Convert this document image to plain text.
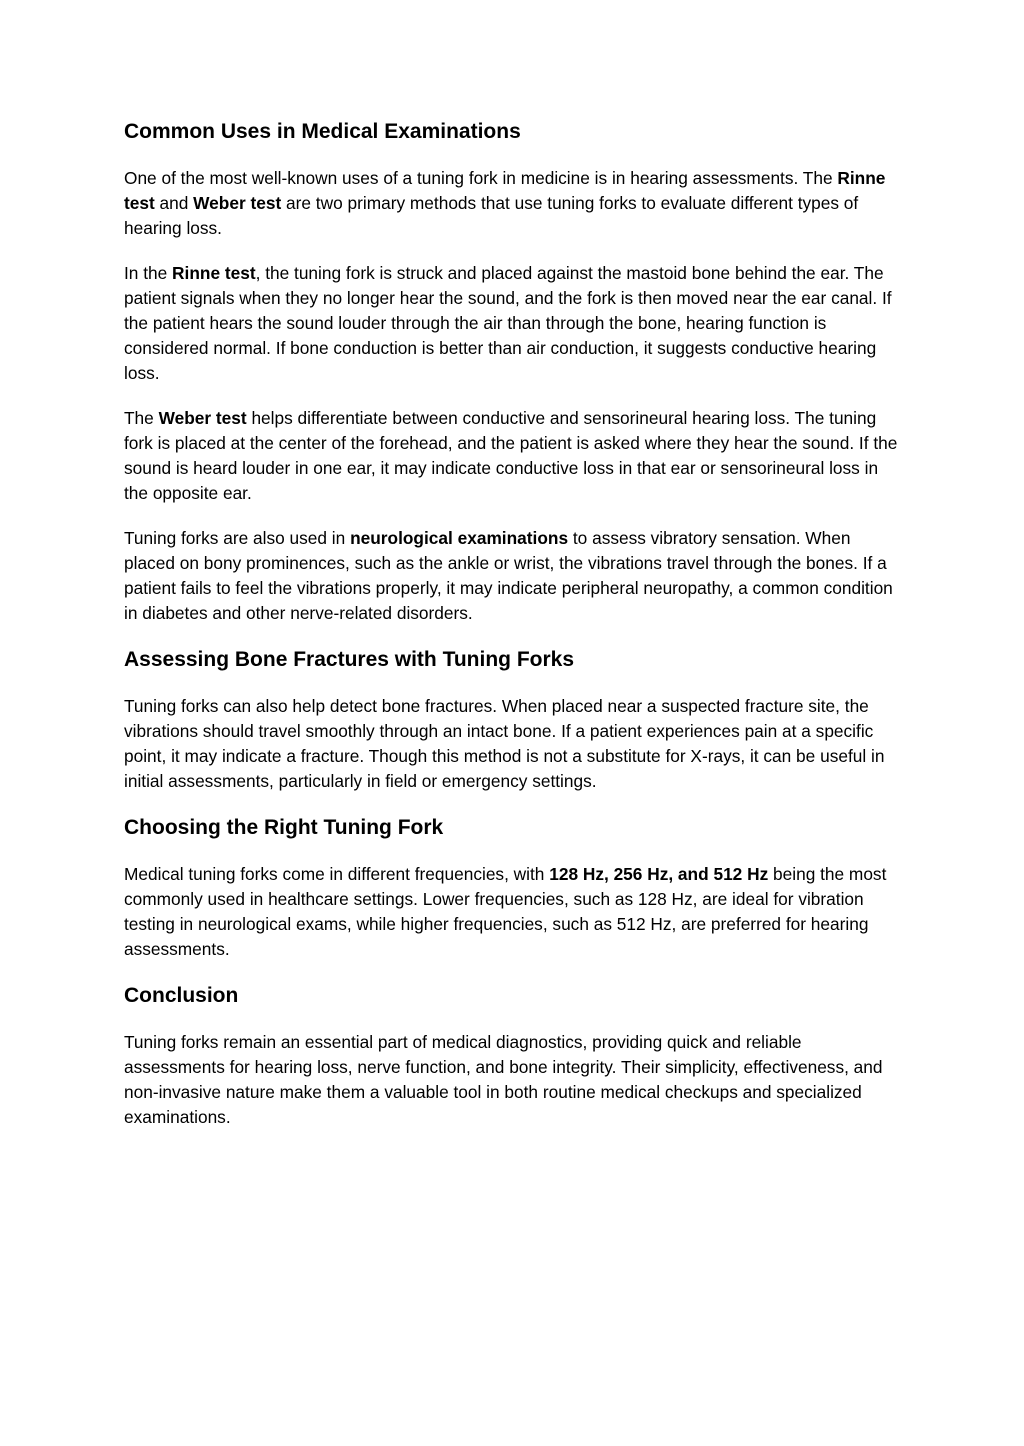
Common Uses in Medical Examinations

One of the most well-known uses of a tuning fork in medicine is in hearing assessments. The Rinne test and Weber test are two primary methods that use tuning forks to evaluate different types of hearing loss.

In the Rinne test, the tuning fork is struck and placed against the mastoid bone behind the ear. The patient signals when they no longer hear the sound, and the fork is then moved near the ear canal. If the patient hears the sound louder through the air than through the bone, hearing function is considered normal. If bone conduction is better than air conduction, it suggests conductive hearing loss.

The Weber test helps differentiate between conductive and sensorineural hearing loss. The tuning fork is placed at the center of the forehead, and the patient is asked where they hear the sound. If the sound is heard louder in one ear, it may indicate conductive loss in that ear or sensorineural loss in the opposite ear.

Tuning forks are also used in neurological examinations to assess vibratory sensation. When placed on bony prominences, such as the ankle or wrist, the vibrations travel through the bones. If a patient fails to feel the vibrations properly, it may indicate peripheral neuropathy, a common condition in diabetes and other nerve-related disorders.

Assessing Bone Fractures with Tuning Forks

Tuning forks can also help detect bone fractures. When placed near a suspected fracture site, the vibrations should travel smoothly through an intact bone. If a patient experiences pain at a specific point, it may indicate a fracture. Though this method is not a substitute for X-rays, it can be useful in initial assessments, particularly in field or emergency settings.

Choosing the Right Tuning Fork

Medical tuning forks come in different frequencies, with 128 Hz, 256 Hz, and 512 Hz being the most commonly used in healthcare settings. Lower frequencies, such as 128 Hz, are ideal for vibration testing in neurological exams, while higher frequencies, such as 512 Hz, are preferred for hearing assessments.

Conclusion

Tuning forks remain an essential part of medical diagnostics, providing quick and reliable assessments for hearing loss, nerve function, and bone integrity. Their simplicity, effectiveness, and non-invasive nature make them a valuable tool in both routine medical checkups and specialized examinations.
